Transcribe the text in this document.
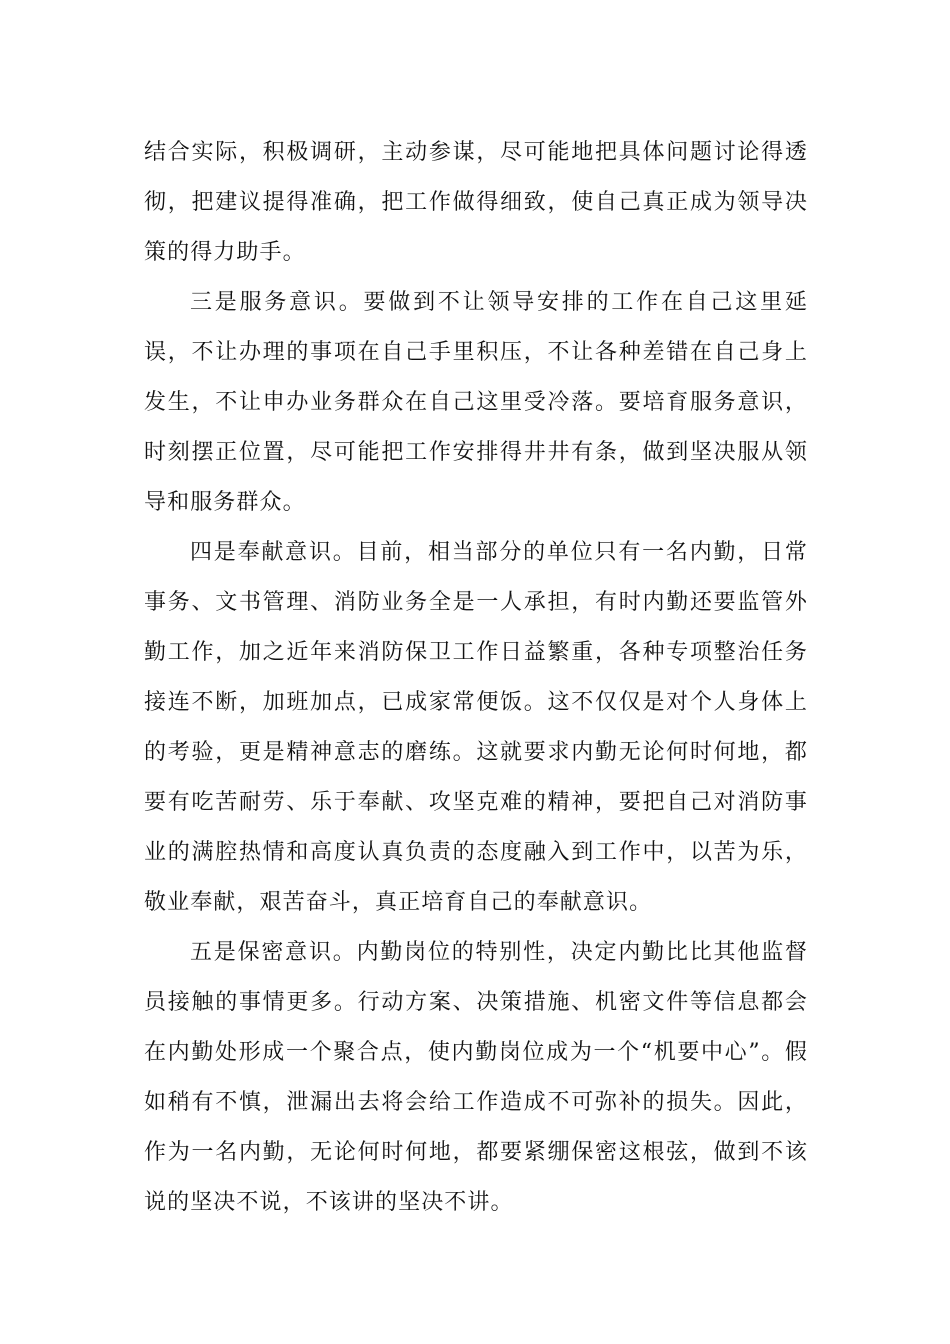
结合实际，积极调研，主动参谋，尽可能地把具体问题讨论得透彻，把建议提得准确，把工作做得细致，使自己真正成为领导决策的得力助手。

三是服务意识。要做到不让领导安排的工作在自己这里延误，不让办理的事项在自己手里积压，不让各种差错在自己身上发生，不让申办业务群众在自己这里受冷落。要培育服务意识，时刻摆正位置，尽可能把工作安排得井井有条，做到坚决服从领导和服务群众。

四是奉献意识。目前，相当部分的单位只有一名内勤，日常事务、文书管理、消防业务全是一人承担，有时内勤还要监管外勤工作，加之近年来消防保卫工作日益繁重，各种专项整治任务接连不断，加班加点，已成家常便饭。这不仅仅是对个人身体上的考验，更是精神意志的磨练。这就要求内勤无论何时何地，都要有吃苦耐劳、乐于奉献、攻坚克难的精神，要把自己对消防事业的满腔热情和高度认真负责的态度融入到工作中，以苦为乐，敬业奉献，艰苦奋斗，真正培育自己的奉献意识。

五是保密意识。内勤岗位的特别性，决定内勤比比其他监督员接触的事情更多。行动方案、决策措施、机密文件等信息都会在内勤处形成一个聚合点，使内勤岗位成为一个“机要中心”。假如稍有不慎，泄漏出去将会给工作造成不可弥补的损失。因此，作为一名内勤，无论何时何地，都要紧绷保密这根弦，做到不该说的坚决不说，不该讲的坚决不讲。
